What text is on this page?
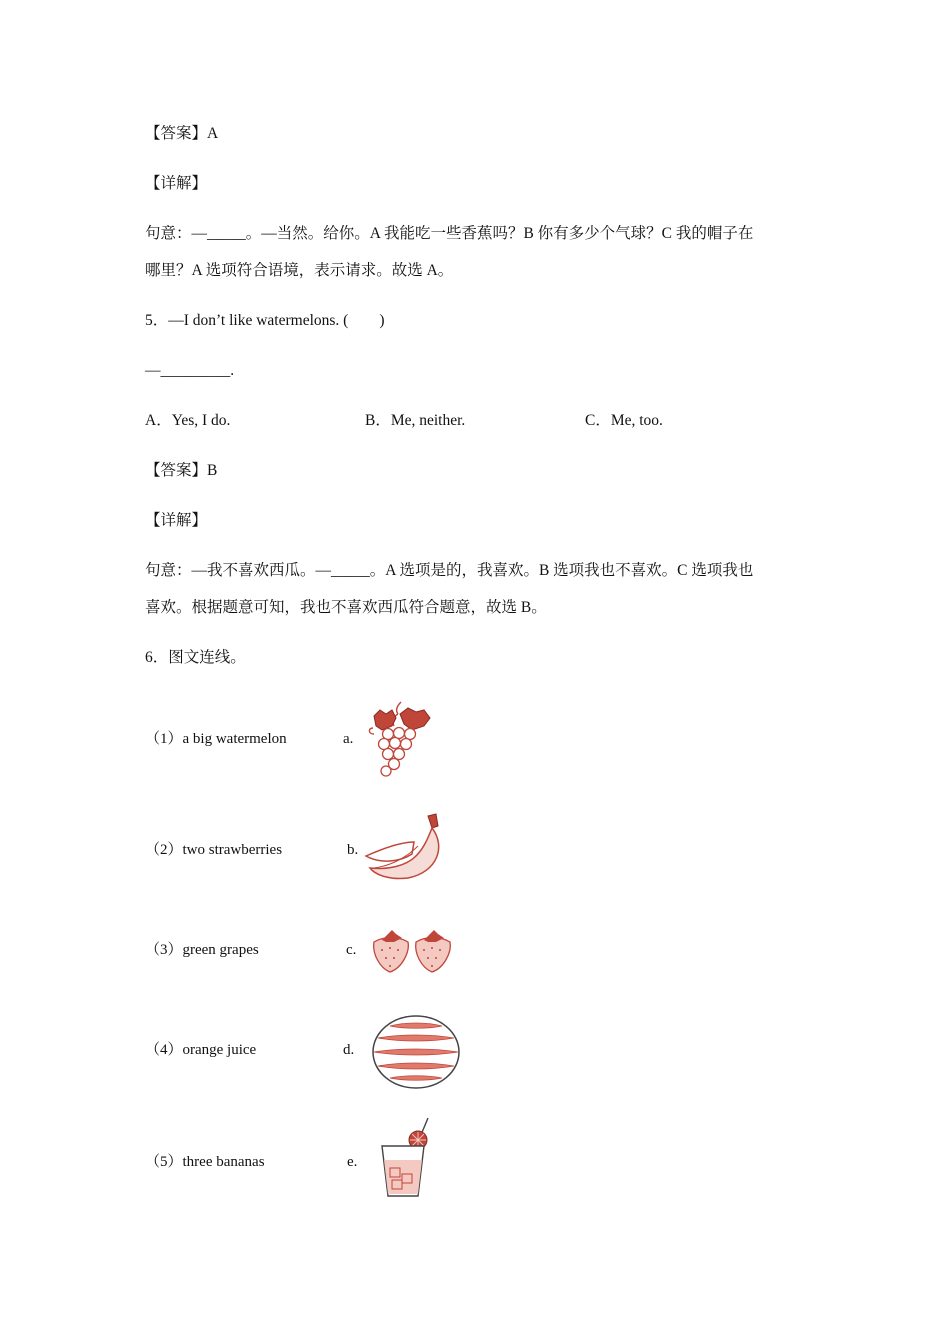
【答案】A
【详解】
句意：—_____。—当然。给你。A 我能吃一些香蕉吗？B 你有多少个气球？C 我的帽子在
哪里？A 选项符合语境，表示请求。故选 A。
5．—I don’t like watermelons. (　　)
—_________.
A．Yes, I do.	B．Me, neither.	C．Me, too.
【答案】B
【详解】
句意：—我不喜欢西瓜。—_____。A 选项是的，我喜欢。B 选项我也不喜欢。C 选项我也
喜欢。根据题意可知，我也不喜欢西瓜符合题意，故选 B。
6．图文连线。
（1）a big watermelon	a.
（2）two strawberries	b.
（3）green grapes	c.
（4）orange juice	d.
（5）three bananas	e.
